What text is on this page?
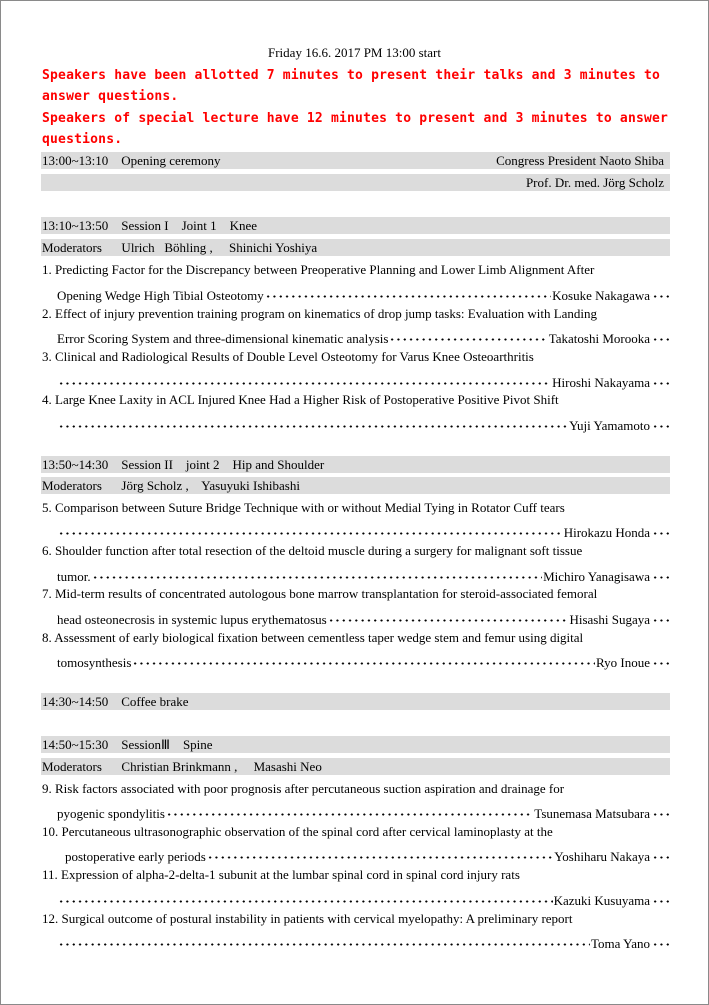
Friday 16.6. 2017 PM 13:00 start
Speakers have been allotted 7 minutes to present their talks and 3 minutes to answer questions.
Speakers of special lecture have 12 minutes to present and 3 minutes to answer questions.
13:00~13:10    Opening ceremony	Congress President Naoto Shiba
Prof. Dr. med. Jörg Scholz
13:10~13:50    Session I    Joint 1    Knee
Moderators      Ulrich   Böhling ,     Shinichi Yoshiya
1. Predicting Factor for the Discrepancy between Preoperative Planning and Lower Limb Alignment After
Opening Wedge High Tibial Osteotomy	Kosuke Nakagawa
2. Effect of injury prevention training program on kinematics of drop jump tasks: Evaluation with Landing
Error Scoring System and three-dimensional kinematic analysis	Takatoshi Morooka
3. Clinical and Radiological Results of Double Level Osteotomy for Varus Knee Osteoarthritis
Hiroshi Nakayama
4. Large Knee Laxity in ACL Injured Knee Had a Higher Risk of Postoperative Positive Pivot Shift
Yuji Yamamoto
13:50~14:30    Session II    joint 2    Hip and Shoulder
Moderators      Jörg Scholz ,    Yasuyuki Ishibashi
5. Comparison between Suture Bridge Technique with or without Medial Tying in Rotator Cuff tears
Hirokazu Honda
6. Shoulder function after total resection of the deltoid muscle during a surgery for malignant soft tissue
tumor.	Michiro Yanagisawa
7. Mid-term results of concentrated autologous bone marrow transplantation for steroid-associated femoral
head osteonecrosis in systemic lupus erythematosus	Hisashi Sugaya
8. Assessment of early biological fixation between cementless taper wedge stem and femur using digital
tomosynthesis	Ryo Inoue
14:30~14:50    Coffee brake
14:50~15:30    SessionⅢ    Spine
Moderators      Christian Brinkmann ,     Masashi Neo
9. Risk factors associated with poor prognosis after percutaneous suction aspiration and drainage for
pyogenic spondylitis	Tsunemasa Matsubara
10. Percutaneous ultrasonographic observation of the spinal cord after cervical laminoplasty at the
postoperative early periods	Yoshiharu Nakaya
11. Expression of alpha-2-delta-1 subunit at the lumbar spinal cord in spinal cord injury rats
Kazuki Kusuyama
12. Surgical outcome of postural instability in patients with cervical myelopathy: A preliminary report
Toma Yano
